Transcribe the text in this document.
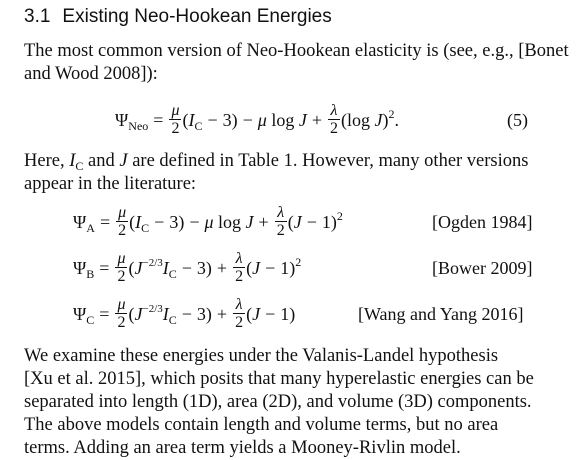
3.1 Existing Neo-Hookean Energies
The most common version of Neo-Hookean elasticity is (see, e.g., [Bonet
and Wood 2008]):
$\Psi_{Neo} = \frac{\mu}{2} (I_C - 3) - \mu$ $\log J + \frac{\lambda}{2} (\log$ J)$^2$.	(5)
Here, $I_C$ and J are defined in Table 1. However, many other versions
appear in the literature:
$\Psi_A = \frac{\mu}{2} (I_C - 3) - \mu$ $\log J + \frac{\lambda}{2} (J - 1)^2$	[Ogden 1984]
$\Psi_B = \frac{\mu}{2} (J^{-2/3}I_C - 3) + \frac{\lambda}{2} (J - 1)^2$	[Bower 2009]
$\Psi_C = \frac{\mu}{2} (J^{-2/3}I_C - 3) + \frac{\lambda}{2} (J - 1)$	[Wang and Yang 2016]
We examine these energies under the Valanis-Landel hypothesis
[Xu et al. 2015], which posits that many hyperelastic energies can be
separated into length (1D), area (2D), and volume (3D) components.
The above models contain length and volume terms, but no area
terms. Adding an area term yields a Mooney-Rivlin model.
